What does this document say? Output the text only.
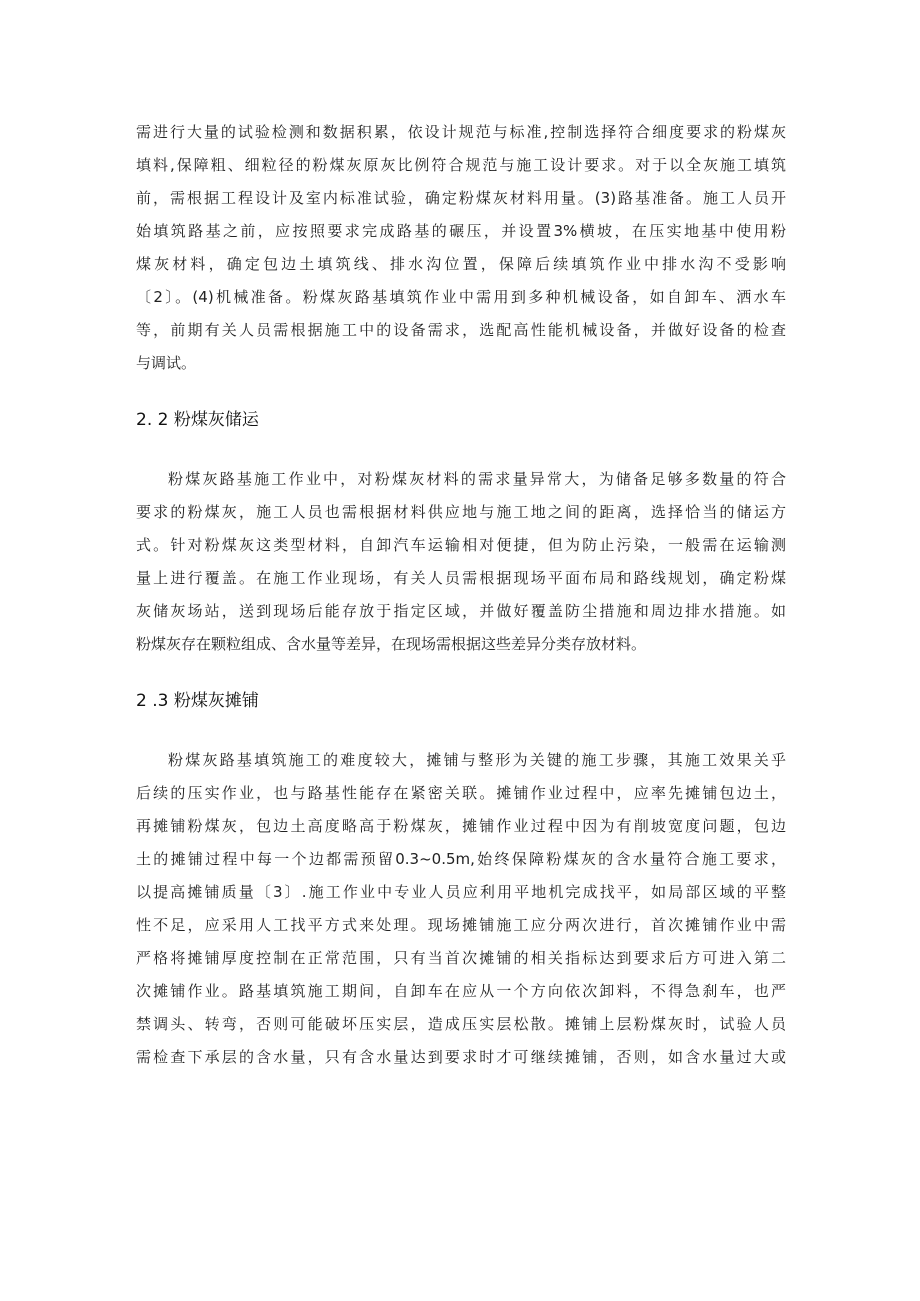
需进行大量的试验检测和数据积累，依设计规范与标准,控制选择符合细度要求的粉煤灰
填料,保障粗、细粒径的粉煤灰原灰比例符合规范与施工设计要求。对于以全灰施工填筑
前，需根据工程设计及室内标准试验，确定粉煤灰材料用量。(3)路基准备。施工人员开
始填筑路基之前，应按照要求完成路基的碾压，并设置3%横坡，在压实地基中使用粉
煤灰材料，确定包边土填筑线、排水沟位置，保障后续填筑作业中排水沟不受影响
〔2〕。(4)机械准备。粉煤灰路基填筑作业中需用到多种机械设备，如自卸车、洒水车
等，前期有关人员需根据施工中的设备需求，选配高性能机械设备，并做好设备的检查
与调试。
2. 2 粉煤灰储运
粉煤灰路基施工作业中，对粉煤灰材料的需求量异常大，为储备足够多数量的符合
要求的粉煤灰，施工人员也需根据材料供应地与施工地之间的距离，选择恰当的储运方
式。针对粉煤灰这类型材料，自卸汽车运输相对便捷，但为防止污染，一般需在运输测
量上进行覆盖。在施工作业现场，有关人员需根据现场平面布局和路线规划，确定粉煤
灰储灰场站，送到现场后能存放于指定区域，并做好覆盖防尘措施和周边排水措施。如
粉煤灰存在颗粒组成、含水量等差异，在现场需根据这些差异分类存放材料。
2 .3 粉煤灰摊铺
粉煤灰路基填筑施工的难度较大，摊铺与整形为关键的施工步骤，其施工效果关乎
后续的压实作业，也与路基性能存在紧密关联。摊铺作业过程中，应率先摊铺包边土，
再摊铺粉煤灰，包边土高度略高于粉煤灰，摊铺作业过程中因为有削坡宽度问题，包边
土的摊铺过程中每一个边都需预留0.3~0.5m,始终保障粉煤灰的含水量符合施工要求，
以提高摊铺质量〔3〕.施工作业中专业人员应利用平地机完成找平，如局部区域的平整
性不足，应采用人工找平方式来处理。现场摊铺施工应分两次进行，首次摊铺作业中需
严格将摊铺厚度控制在正常范围，只有当首次摊铺的相关指标达到要求后方可进入第二
次摊铺作业。路基填筑施工期间，自卸车在应从一个方向依次卸料，不得急刹车，也严
禁调头、转弯，否则可能破坏压实层，造成压实层松散。摊铺上层粉煤灰时，试验人员
需检查下承层的含水量，只有含水量达到要求时才可继续摊铺，否则，如含水量过大或
